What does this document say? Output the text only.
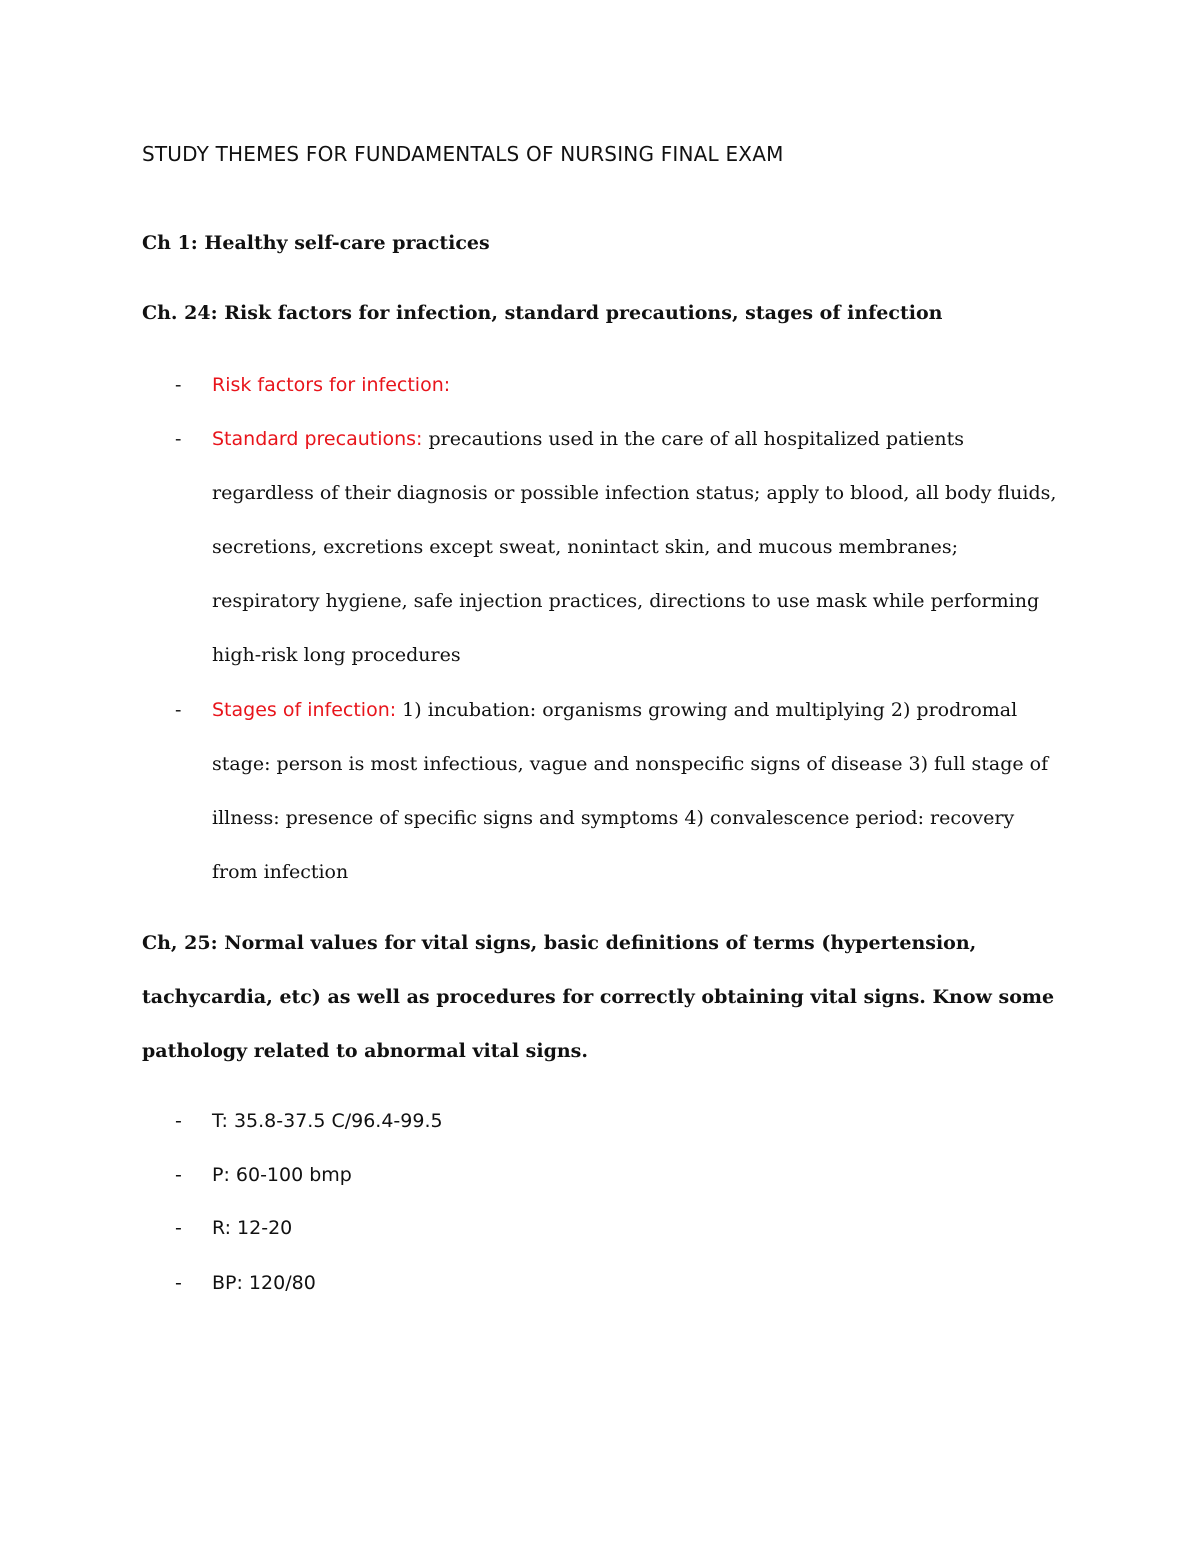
STUDY THEMES FOR FUNDAMENTALS OF NURSING FINAL EXAM
Ch 1: Healthy self-care practices
Ch. 24: Risk factors for infection, standard precautions, stages of infection
-	Risk factors for infection:
-	Standard precautions: precautions used in the care of all hospitalized patients regardless of their diagnosis or possible infection status; apply to blood, all body fluids, secretions, excretions except sweat, nonintact skin, and mucous membranes; respiratory hygiene, safe injection practices, directions to use mask while performing high-risk long procedures
-	Stages of infection: 1) incubation: organisms growing and multiplying 2) prodromal stage: person is most infectious, vague and nonspecific signs of disease 3) full stage of illness: presence of specific signs and symptoms 4) convalescence period: recovery from infection
Ch, 25: Normal values for vital signs, basic definitions of terms (hypertension, tachycardia, etc) as well as procedures for correctly obtaining vital signs. Know some pathology related to abnormal vital signs.
-	T: 35.8-37.5 C/96.4-99.5
-	P: 60-100 bmp
-	R: 12-20
-	BP: 120/80
